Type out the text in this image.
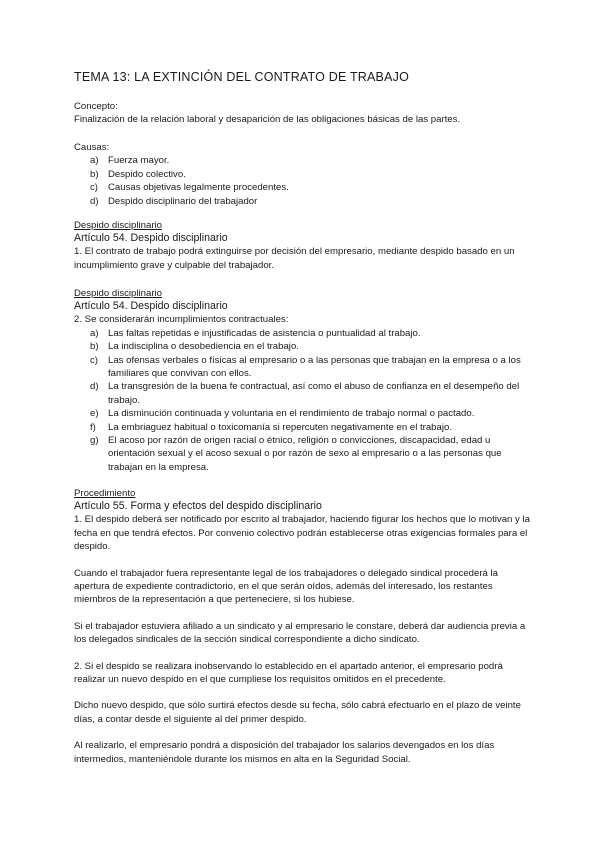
TEMA 13: LA EXTINCIÓN DEL CONTRATO DE TRABAJO

Concepto:

Finalización de la relación laboral y desaparición de las obligaciones básicas de las partes.

Causas:

a) Fuerza mayor.
b) Despido colectivo.
c)	Causas objetivas legalmente procedentes.
d) Despido disciplinario del trabajador

Despido disciplinario

Artículo 54. Despido disciplinario

1. El contrato de trabajo podrá extinguirse por decisión del empresario, mediante despido basado en un incumplimiento grave y culpable del trabajador.

Despido disciplinario

Artículo 54. Despido disciplinario

2. Se considerarán incumplimientos contractuales:

a) Las faltas repetidas e injustificadas de asistencia o puntualidad al trabajo.
b) La indisciplina o desobediencia en el trabajo.
c)	Las ofensas verbales o físicas al empresario o a las personas que trabajan en la empresa o a los familiares que convivan con ellos.
d) La transgresión de la buena fe contractual, así como el abuso de confianza en el desempeño del trabajo.
e) La disminución continuada y voluntaria en el rendimiento de trabajo normal o pactado.
f)	La embriaguez habitual o toxicomanía si repercuten negativamente en el trabajo.
g) El acoso por razón de origen racial o étnico, religión o convicciones, discapacidad, edad u orientación sexual y el acoso sexual o por razón de sexo al empresario o a las personas que trabajan en la empresa.

Procedimiento

Artículo 55. Forma y efectos del despido disciplinario

1. El despido deberá ser notificado por escrito al trabajador, haciendo figurar los hechos que lo motivan y la fecha en que tendrá efectos. Por convenio colectivo podrán establecerse otras exigencias formales para el despido.

Cuando el trabajador fuera representante legal de los trabajadores o delegado sindical procederá la apertura de expediente contradictorio, en el que serán oídos, además del interesado, los restantes miembros de la representación a que perteneciere, si los hubiese.

Si el trabajador estuviera afiliado a un sindicato y al empresario le constare, deberá dar audiencia previa a los delegados sindicales de la sección sindical correspondiente a dicho sindicato.

2. Si el despido se realizara inobservando lo establecido en el apartado anterior, el empresario podrá realizar un nuevo despido en el que cumpliese los requisitos omitidos en el precedente.

Dicho nuevo despido, que sólo surtirá efectos desde su fecha, sólo cabrá efectuarlo en el plazo de veinte días, a contar desde el siguiente al del primer despido.

Al realizarlo, el empresario pondrá a disposición del trabajador los salarios devengados en los días intermedios, manteniéndole durante los mismos en alta en la Seguridad Social.
